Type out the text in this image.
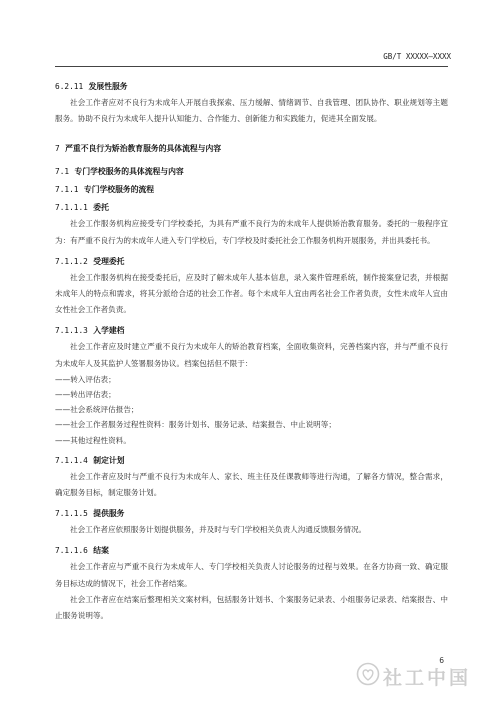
GB/T XXXXX—XXXX
6.2.11 发展性服务
社会工作者应对不良行为未成年人开展自我探索、压力缓解、情绪调节、自我管理、团队协作、职业规划等主题服务。协助不良行为未成年人提升认知能力、合作能力、创新能力和实践能力，促进其全面发展。
7 严重不良行为矫治教育服务的具体流程与内容
7.1 专门学校服务的具体流程与内容
7.1.1 专门学校服务的流程
7.1.1.1 委托
社会工作服务机构应接受专门学校委托，为具有严重不良行为的未成年人提供矫治教育服务。委托的一般程序宜为：有严重不良行为的未成年人进入专门学校后，专门学校及时委托社会工作服务机构开展服务，并出具委托书。
7.1.1.2 受理委托
社会工作服务机构在接受委托后，应及时了解未成年人基本信息，录入案件管理系统，制作接案登记表，并根据未成年人的特点和需求，将其分派给合适的社会工作者。每个未成年人宜由两名社会工作者负责，女性未成年人宜由女性社会工作者负责。
7.1.1.3 入学建档
社会工作者应及时建立严重不良行为未成年人的矫治教育档案，全面收集资料，完善档案内容，并与严重不良行为未成年人及其监护人签署服务协议。档案包括但不限于：
——转入评估表；
——转出评估表；
——社会系统评估报告；
——社会工作者服务过程性资料：服务计划书、服务记录、结案报告、中止说明等；
——其他过程性资料。
7.1.1.4 制定计划
社会工作者应及时与严重不良行为未成年人、家长、班主任及任课教师等进行沟通，了解各方情况，整合需求，确定服务目标，制定服务计划。
7.1.1.5 提供服务
社会工作者应依照服务计划提供服务，并及时与专门学校相关负责人沟通反馈服务情况。
7.1.1.6 结案
社会工作者应与严重不良行为未成年人、专门学校相关负责人讨论服务的过程与效果。在各方协商一致、确定服务目标达成的情况下，社会工作者结案。
社会工作者应在结案后整理相关文案材料，包括服务计划书、个案服务记录表、小组服务记录表、结案报告、中止服务说明等。
6
社工中国
